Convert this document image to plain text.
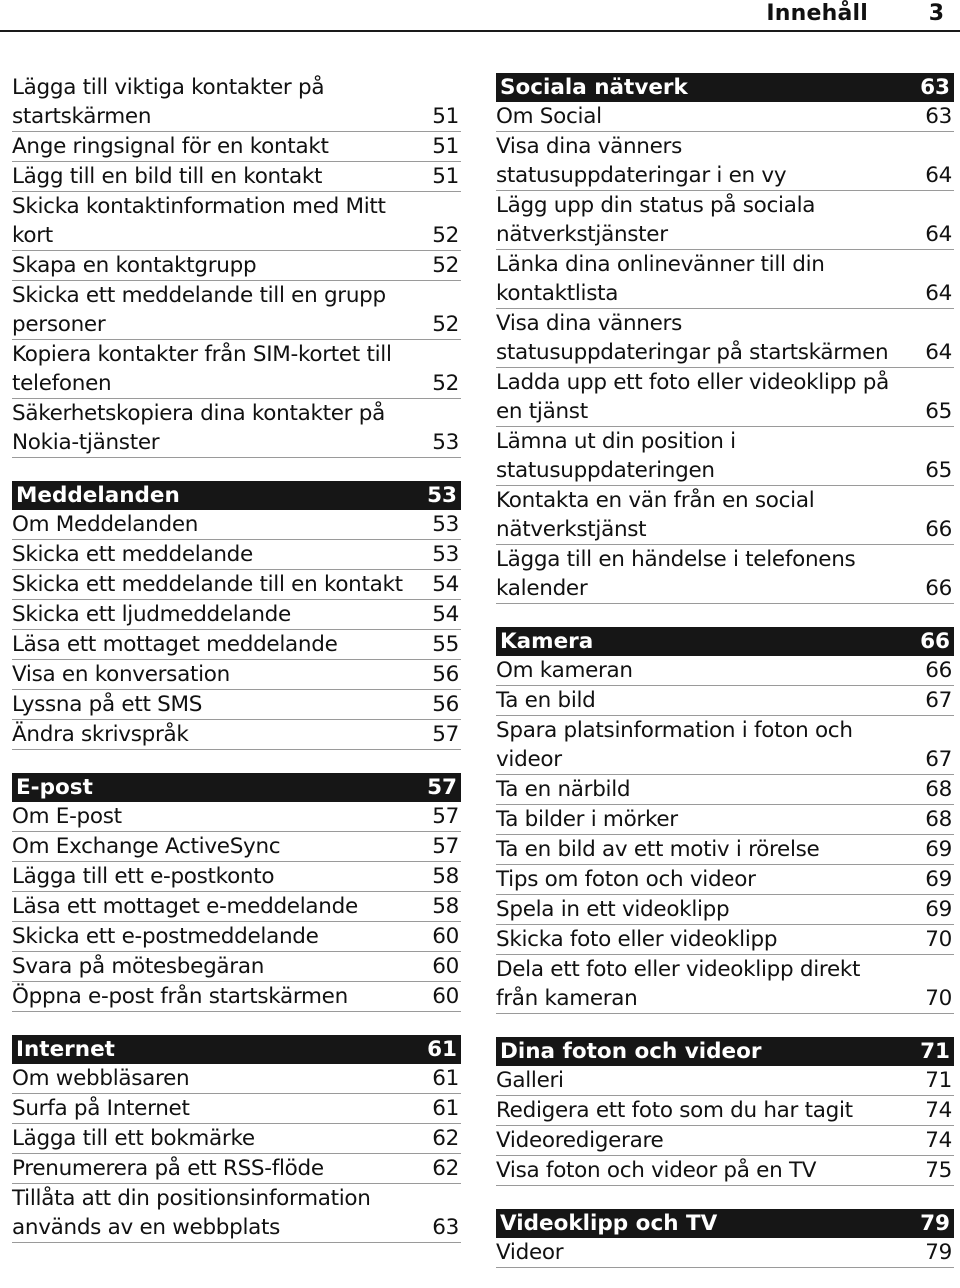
Innehåll	3
Lägga till viktiga kontakter på startskärmen	51
Ange ringsignal för en kontakt	51
Lägg till en bild till en kontakt	51
Skicka kontaktinformation med Mitt kort	52
Skapa en kontaktgrupp	52
Skicka ett meddelande till en grupp personer	52
Kopiera kontakter från SIM-kortet till telefonen	52
Säkerhetskopiera dina kontakter på Nokia-tjänster	53
Meddelanden	53
Om Meddelanden	53
Skicka ett meddelande	53
Skicka ett meddelande till en kontakt 54
Skicka ett ljudmeddelande	54
Läsa ett mottaget meddelande	55
Visa en konversation	56
Lyssna på ett SMS	56
Ändra skrivspråk	57
E-post	57
Om E-post	57
Om Exchange ActiveSync	57
Lägga till ett e-postkonto	58
Läsa ett mottaget e-meddelande	58
Skicka ett e-postmeddelande	60
Svara på mötesbegäran	60
Öppna e-post från startskärmen	60
Internet	61
Om webbläsaren	61
Surfa på Internet	61
Lägga till ett bokmärke	62
Prenumerera på ett RSS-flöde	62
Tillåta att din positionsinformation används av en webbplats	63
Sociala nätverk	63
Om Social	63
Visa dina vänners statusuppdateringar i en vy	64
Lägg upp din status på sociala nätverkstjänster	64
Länka dina onlinevänner till din kontaktlista	64
Visa dina vänners statusuppdateringar på startskärmen	64
Ladda upp ett foto eller videoklipp på en tjänst	65
Lämna ut din position i statusuppdateringen	65
Kontakta en vän från en social nätverkstjänst	66
Lägga till en händelse i telefonens kalender	66
Kamera	66
Om kameran	66
Ta en bild	67
Spara platsinformation i foton och videor	67
Ta en närbild	68
Ta bilder i mörker	68
Ta en bild av ett motiv i rörelse	69
Tips om foton och videor	69
Spela in ett videoklipp	69
Skicka foto eller videoklipp	70
Dela ett foto eller videoklipp direkt från kameran	70
Dina foton och videor	71
Galleri	71
Redigera ett foto som du har tagit	74
Videoredigerare	74
Visa foton och videor på en TV	75
Videoklipp och TV	79
Videor	79
